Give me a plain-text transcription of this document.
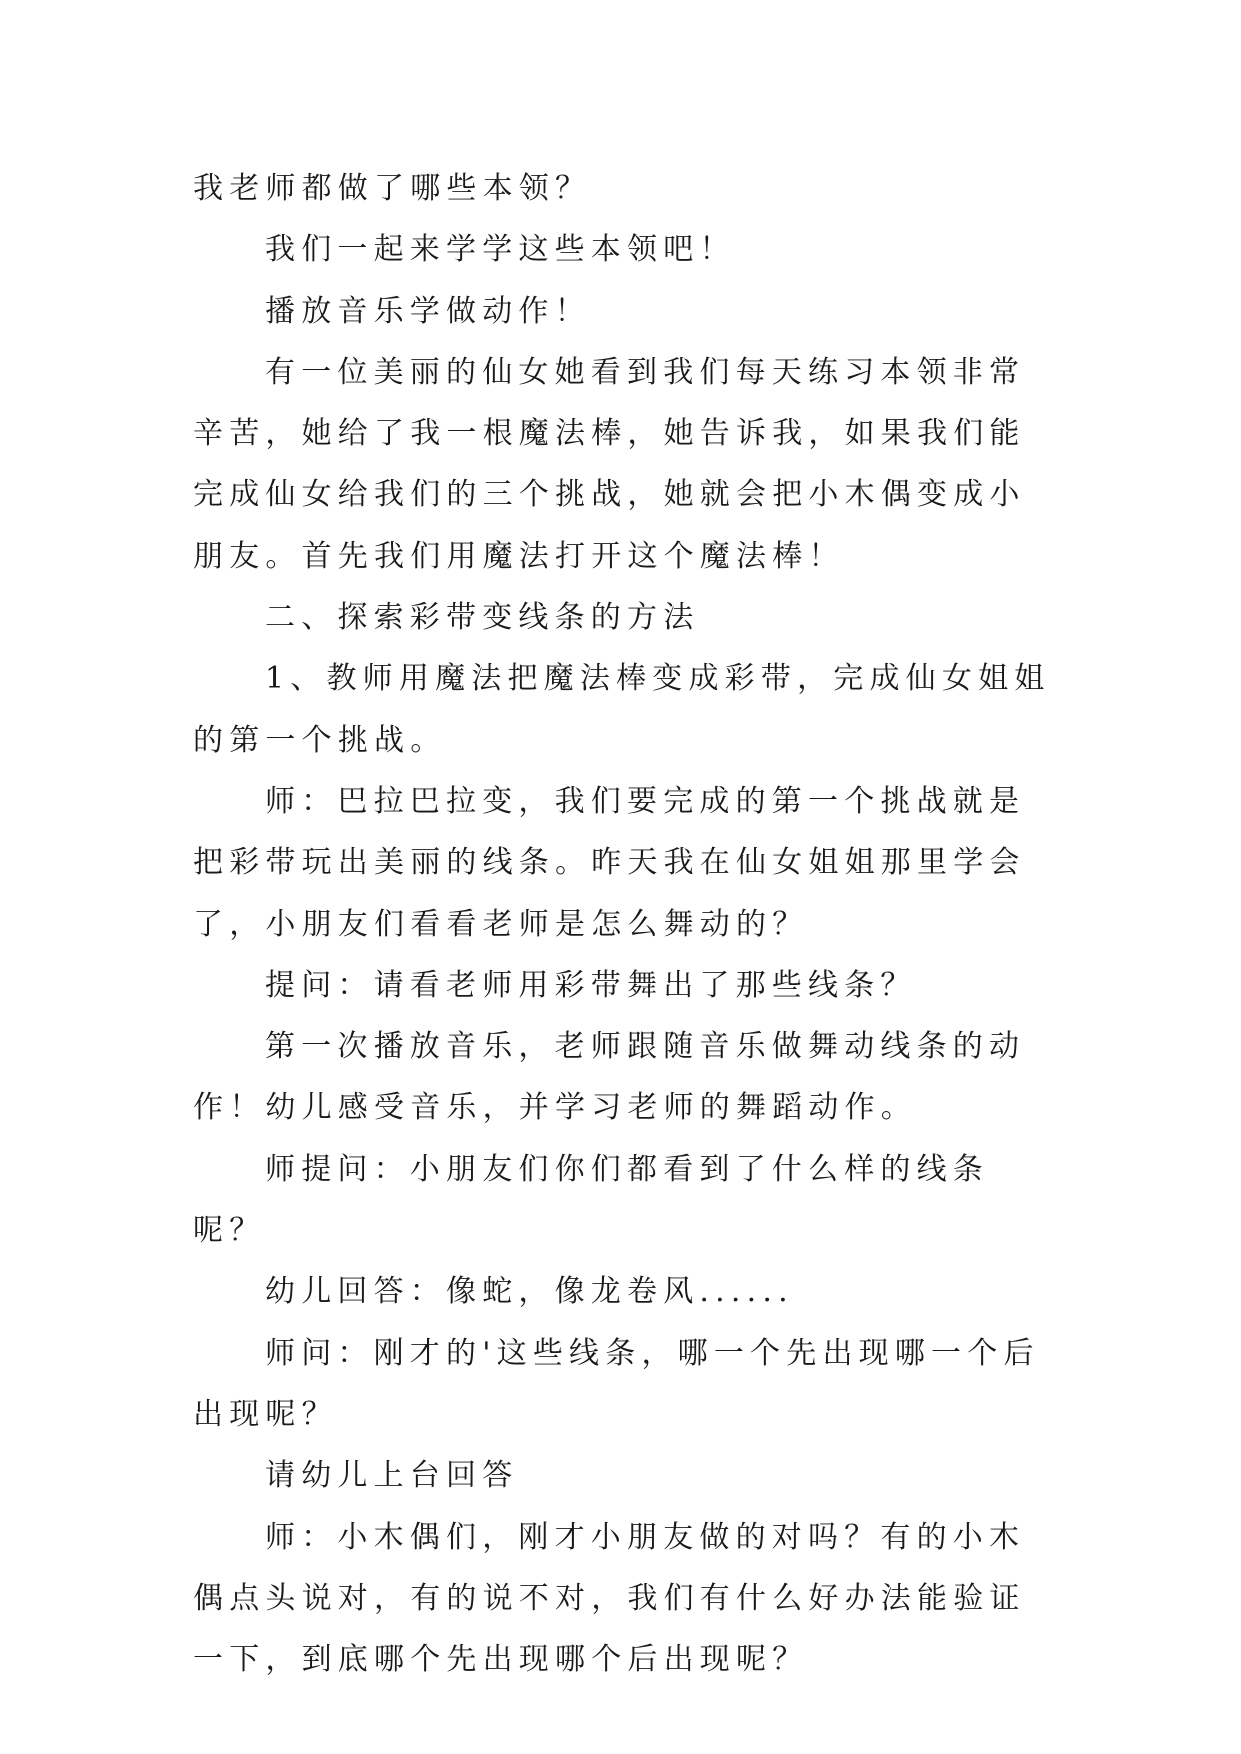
我老师都做了哪些本领？

我们一起来学学这些本领吧！

播放音乐学做动作！

有一位美丽的仙女她看到我们每天练习本领非常辛苦，她给了我一根魔法棒，她告诉我，如果我们能完成仙女给我们的三个挑战，她就会把小木偶变成小朋友。首先我们用魔法打开这个魔法棒！

二、探索彩带变线条的方法

1、教师用魔法把魔法棒变成彩带，完成仙女姐姐的第一个挑战。

师：巴拉巴拉变，我们要完成的第一个挑战就是把彩带玩出美丽的线条。昨天我在仙女姐姐那里学会了，小朋友们看看老师是怎么舞动的？

提问：请看老师用彩带舞出了那些线条？

第一次播放音乐，老师跟随音乐做舞动线条的动作！幼儿感受音乐，并学习老师的舞蹈动作。

师提问：小朋友们你们都看到了什么样的线条呢？

幼儿回答：像蛇，像龙卷风......

师问：刚才的'这些线条，哪一个先出现哪一个后出现呢？

请幼儿上台回答

师：小木偶们，刚才小朋友做的对吗？有的小木偶点头说对，有的说不对，我们有什么好办法能验证一下，到底哪个先出现哪个后出现呢？
